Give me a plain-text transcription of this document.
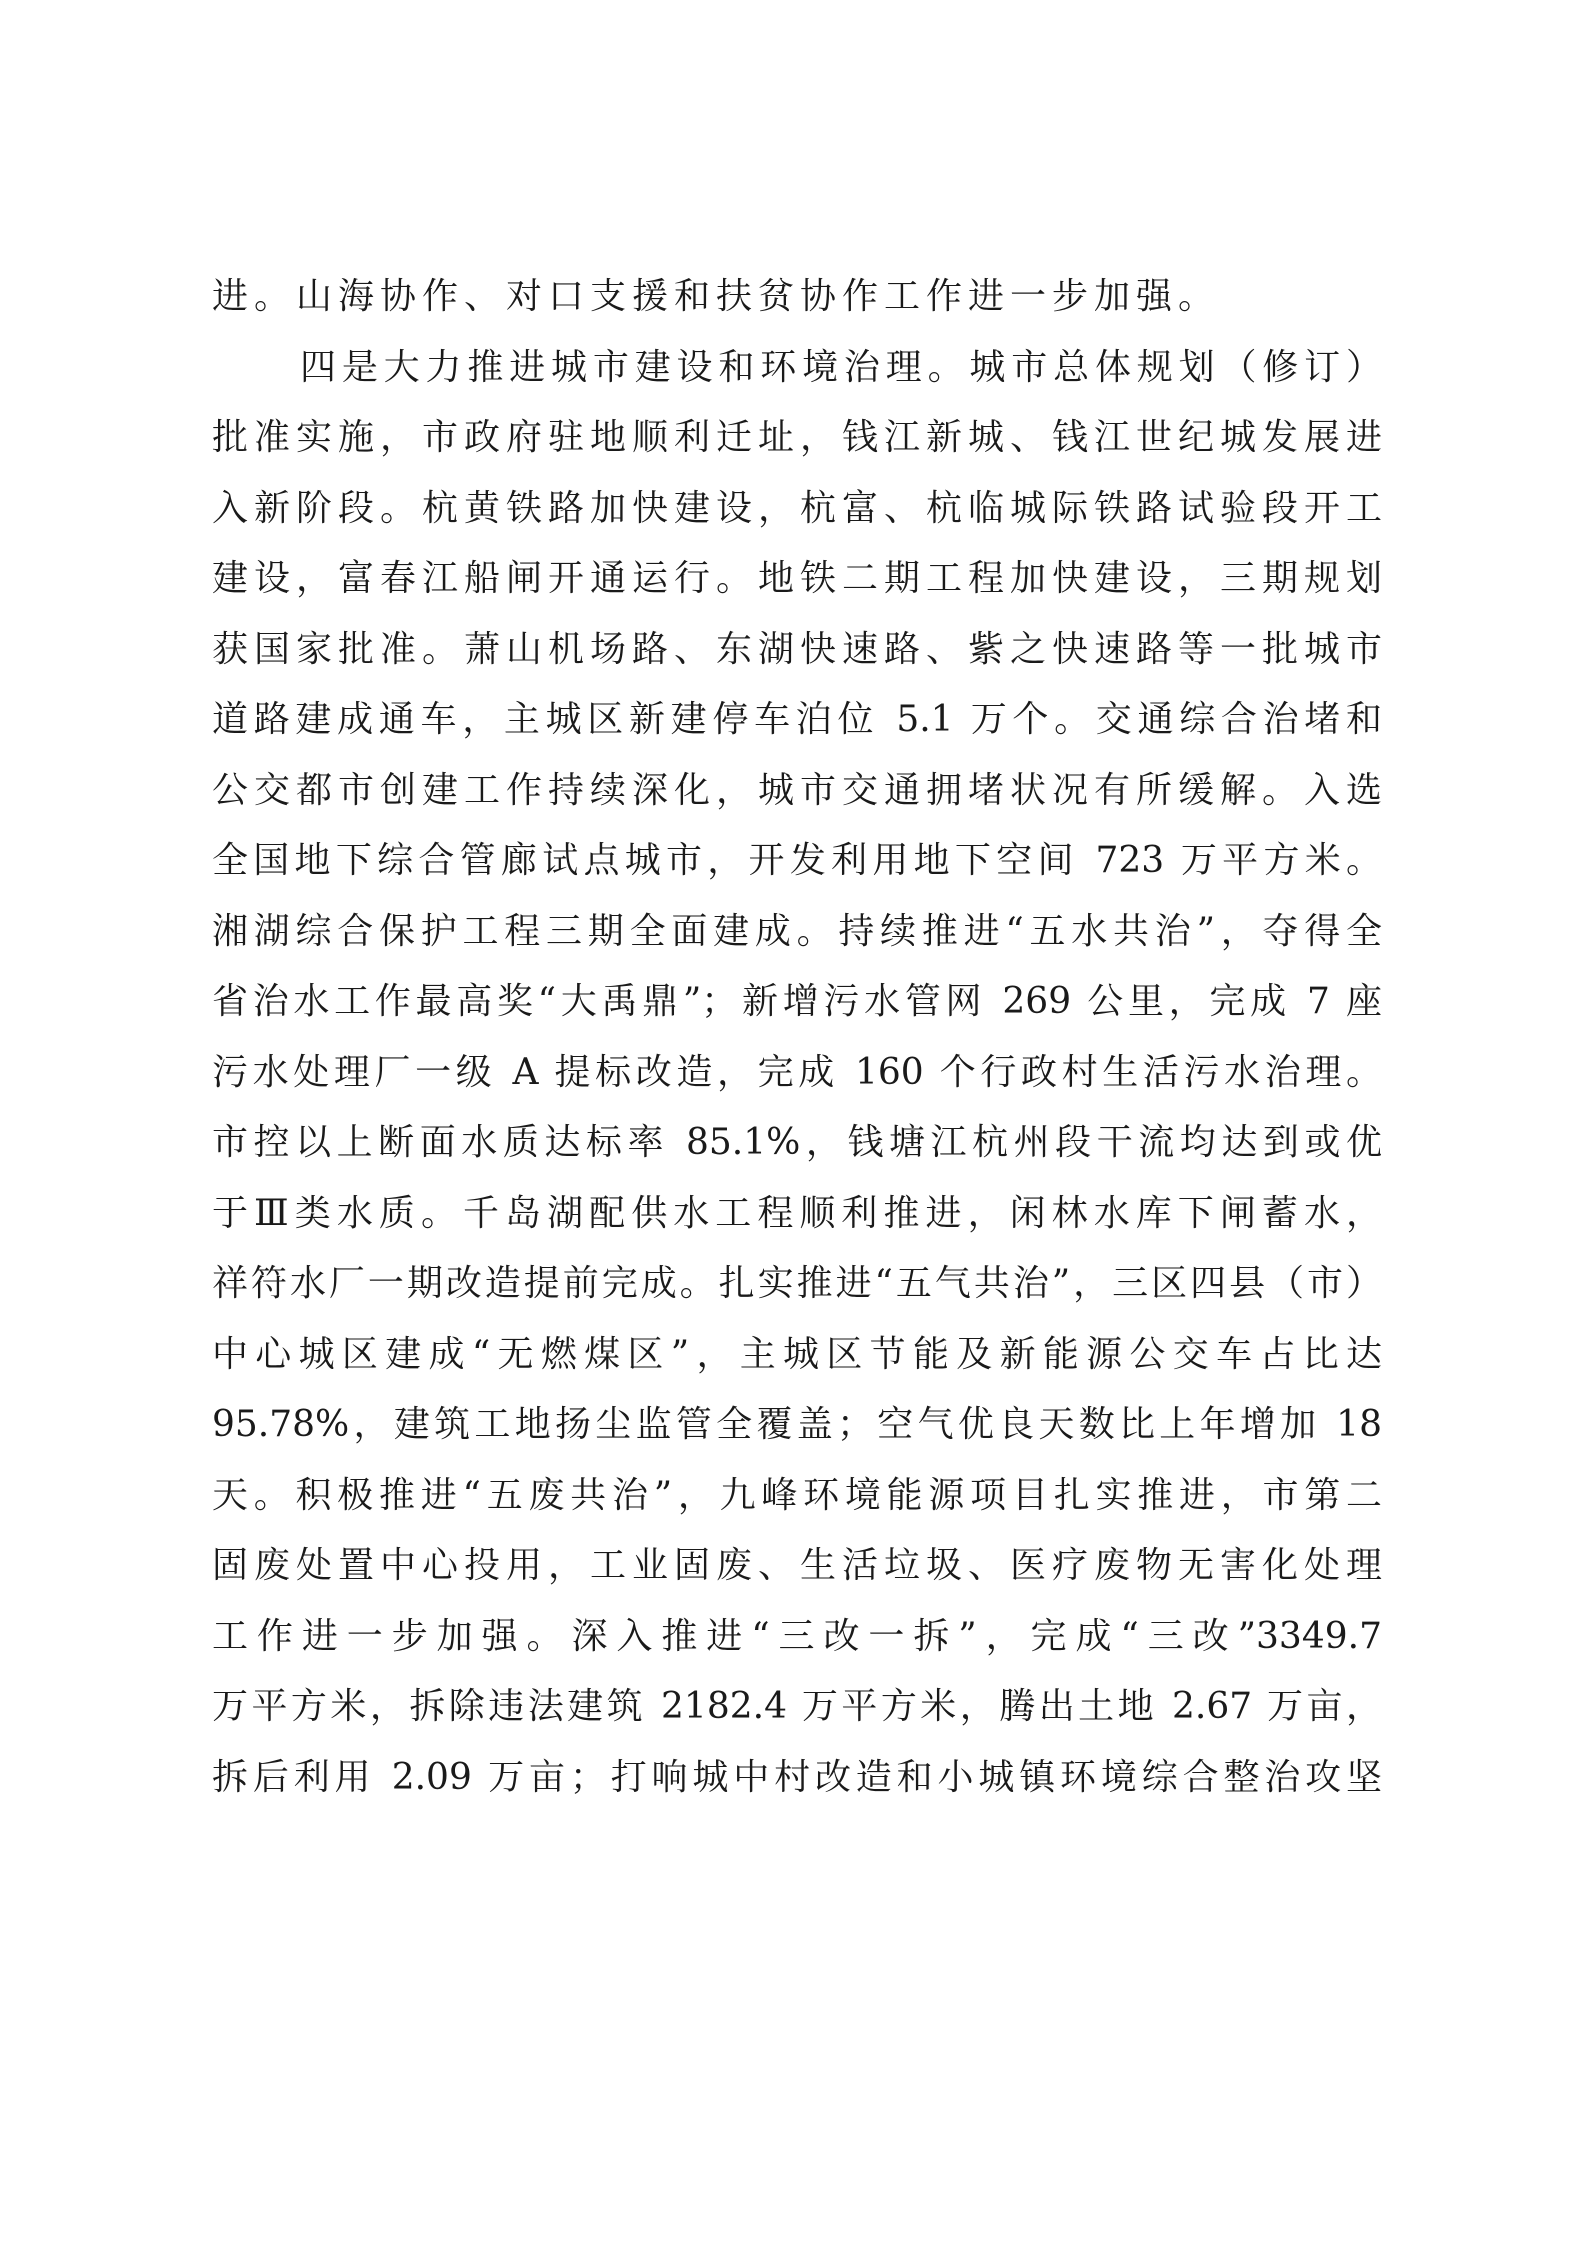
进。山海协作、对口支援和扶贫协作工作进一步加强。
四是大力推进城市建设和环境治理。城市总体规划（修订）
批准实施，市政府驻地顺利迁址，钱江新城、钱江世纪城发展进
入新阶段。杭黄铁路加快建设，杭富、杭临城际铁路试验段开工
建设，富春江船闸开通运行。地铁二期工程加快建设，三期规划
获国家批准。萧山机场路、东湖快速路、紫之快速路等一批城市
道路建成通车，主城区新建停车泊位 5.1 万个。交通综合治堵和
公交都市创建工作持续深化，城市交通拥堵状况有所缓解。入选
全国地下综合管廊试点城市，开发利用地下空间 723 万平方米。
湘湖综合保护工程三期全面建成。持续推进“五水共治”，夺得全
省治水工作最高奖“大禹鼎”；新增污水管网 269 公里，完成 7 座
污水处理厂一级 A 提标改造，完成 160 个行政村生活污水治理。
市控以上断面水质达标率 85.1%，钱塘江杭州段干流均达到或优
于Ⅲ类水质。千岛湖配供水工程顺利推进，闲林水库下闸蓄水，
祥符水厂一期改造提前完成。扎实推进“五气共治”，三区四县（市）
中心城区建成“无燃煤区”，主城区节能及新能源公交车占比达
95.78%，建筑工地扬尘监管全覆盖；空气优良天数比上年增加 18
天。积极推进“五废共治”，九峰环境能源项目扎实推进，市第二
固废处置中心投用，工业固废、生活垃圾、医疗废物无害化处理
工作进一步加强。深入推进“三改一拆”，完成“三改”3349.7
万平方米，拆除违法建筑 2182.4 万平方米，腾出土地 2.67 万亩，
拆后利用 2.09 万亩；打响城中村改造和小城镇环境综合整治攻坚
